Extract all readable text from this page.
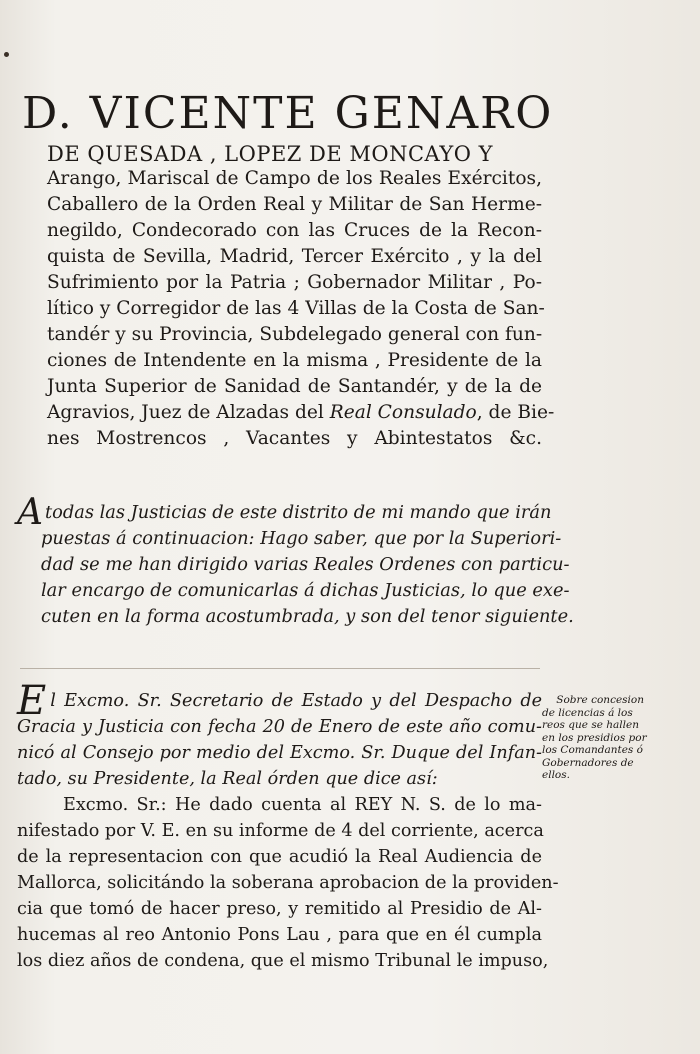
D. VICENTE GENARO
DE QUESADA , LOPEZ DE MONCAYO Y
Arango, Mariscal de Campo de los Reales Exércitos,
Caballero de la Orden Real y Militar de San Herme-
negildo, Condecorado con las Cruces de la Recon-
quista de Sevilla, Madrid, Tercer Exército , y la del
Sufrimiento por la Patria ; Gobernador Militar , Po-
lítico y Corregidor de las 4 Villas de la Costa de San-
tandér y su Provincia, Subdelegado general con fun-
ciones de Intendente en la misma , Presidente de la
Junta Superior de Sanidad de Santandér, y de la de
Agravios, Juez de Alzadas del Real Consulado, de Bie-
nes Mostrencos , Vacantes y Abintestatos &c.
Atodas las Justicias de este distrito de mi mando que irán
puestas á continuacion: Hago saber, que por la Superiori-
dad se me han dirigido varias Reales Ordenes con particu-
lar encargo de comunicarlas á dichas Justicias, lo que exe-
cuten en la forma acostumbrada, y son del tenor siguiente.
El Excmo. Sr. Secretario de Estado y del Despacho de
Gracia y Justicia con fecha 20 de Enero de este año comu-
nicó al Consejo por medio del Excmo. Sr. Duque del Infan-
tado, su Presidente, la Real órden que dice así:
Excmo. Sr.: He dado cuenta al REY N. S. de lo ma-
nifestado por V. E. en su informe de 4 del corriente, acerca
de la representacion con que acudió la Real Audiencia de
Mallorca, solicitándo la soberana aprobacion de la providen-
cia que tomó de hacer preso, y remitido al Presidio de Al-
hucemas al reo Antonio Pons Lau , para que en él cumpla
los diez años de condena, que el mismo Tribunal le impuso,
Sobre concesion
de licencias á los
reos que se hallen
en los presidios por
los Comandantes ó
Gobernadores de
ellos.
